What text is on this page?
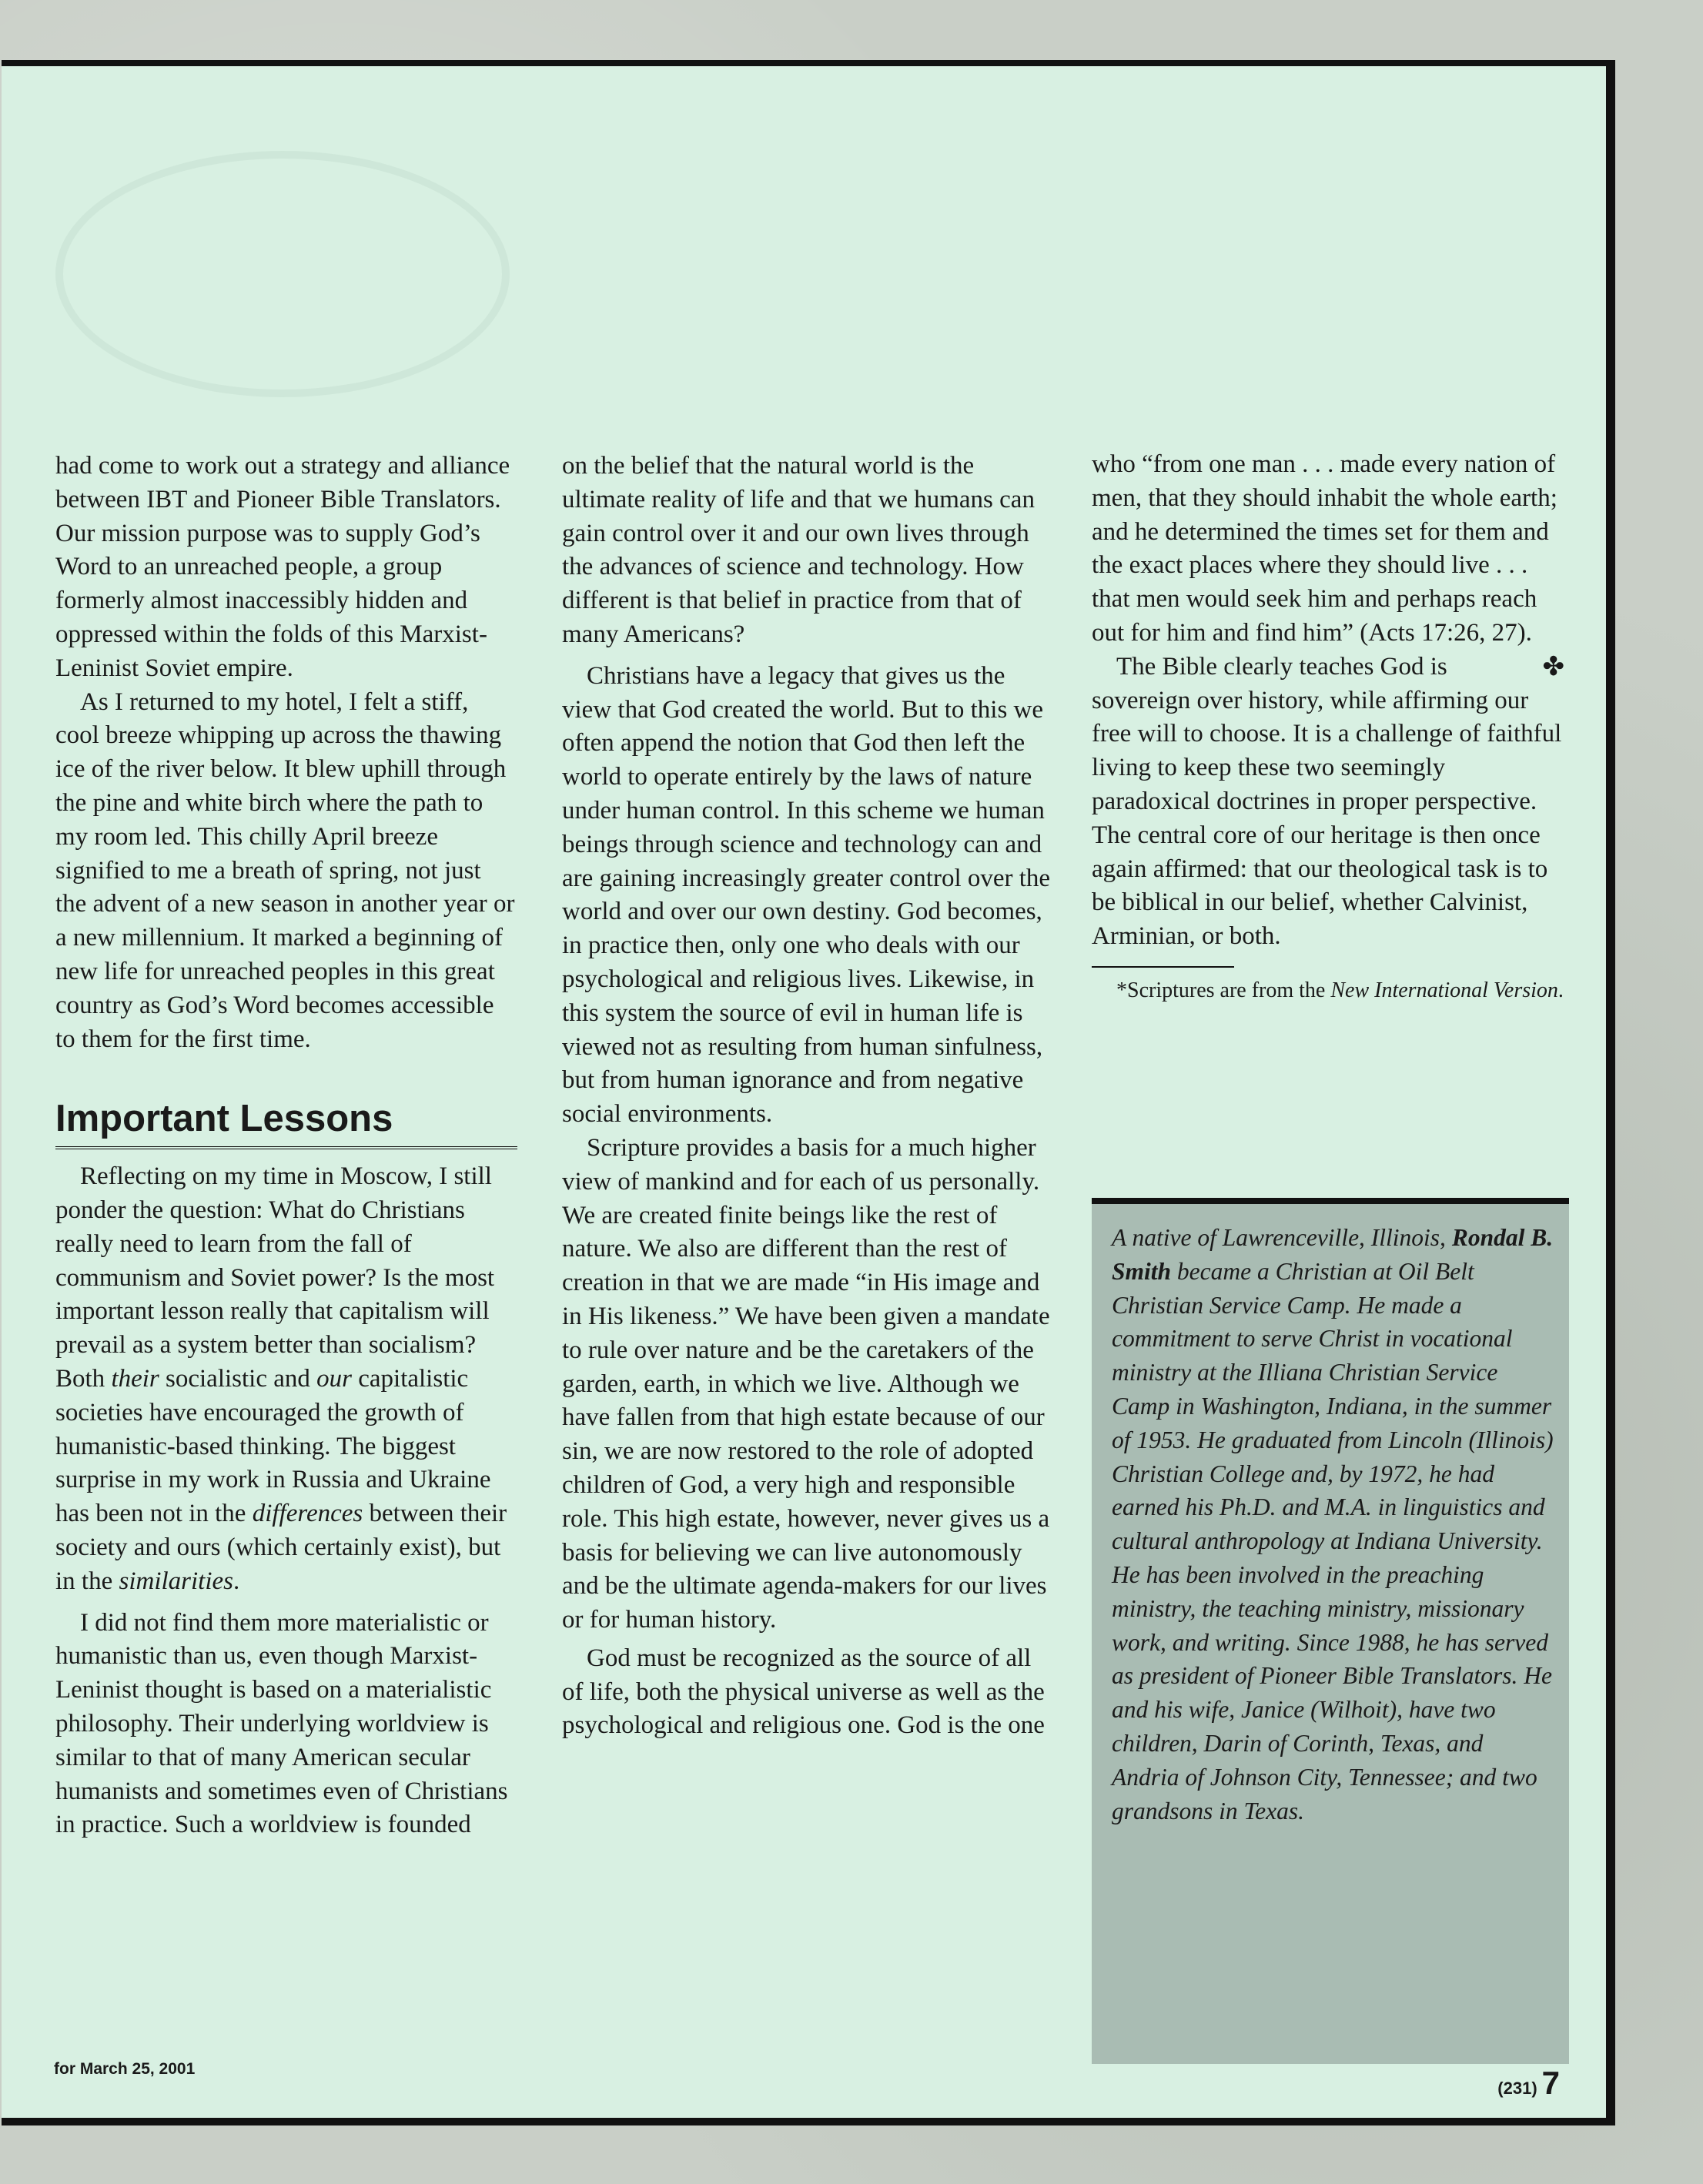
had come to work out a strategy and alliance between IBT and Pioneer Bible Translators. Our mission purpose was to supply God’s Word to an unreached people, a group formerly almost inaccessibly hidden and oppressed within the folds of this Marxist-Leninist Soviet empire.

As I returned to my hotel, I felt a stiff, cool breeze whipping up across the thawing ice of the river below. It blew uphill through the pine and white birch where the path to my room led. This chilly April breeze signified to me a breath of spring, not just the advent of a new season in another year or a new millennium. It marked a beginning of new life for unreached peoples in this great country as God’s Word becomes accessible to them for the first time.

Important Lessons

Reflecting on my time in Moscow, I still ponder the question: What do Christians really need to learn from the fall of communism and Soviet power? Is the most important lesson really that capitalism will prevail as a system better than socialism? Both their socialistic and our capitalistic societies have encouraged the growth of humanistic-based thinking. The biggest surprise in my work in Russia and Ukraine has been not in the differences between their society and ours (which certainly exist), but in the similarities.

I did not find them more materialistic or humanistic than us, even though Marxist-Leninist thought is based on a materialistic philosophy. Their underlying worldview is similar to that of many American secular humanists and sometimes even of Christians in practice. Such a worldview is founded

on the belief that the natural world is the ultimate reality of life and that we humans can gain control over it and our own lives through the advances of science and technology. How different is that belief in practice from that of many Americans?

Christians have a legacy that gives us the view that God created the world. But to this we often append the notion that God then left the world to operate entirely by the laws of nature under human control. In this scheme we human beings through science and technology can and are gaining increasingly greater control over the world and over our own destiny. God becomes, in practice then, only one who deals with our psychological and religious lives. Likewise, in this system the source of evil in human life is viewed not as resulting from human sinfulness, but from human ignorance and from negative social environments.

Scripture provides a basis for a much higher view of mankind and for each of us personally. We are created finite beings like the rest of nature. We also are different than the rest of creation in that we are made “in His image and in His likeness.” We have been given a mandate to rule over nature and be the caretakers of the garden, earth, in which we live. Although we have fallen from that high estate because of our sin, we are now restored to the role of adopted children of God, a very high and responsible role. This high estate, however, never gives us a basis for believing we can live autonomously and be the ultimate agenda-makers for our lives or for human history.

God must be recognized as the source of all of life, both the physical universe as well as the psychological and religious one. God is the one

who “from one man . . . made every nation of men, that they should inhabit the whole earth; and he determined the times set for them and the exact places where they should live . . . that men would seek him and perhaps reach out for him and find him” (Acts 17:26, 27).

✤
The Bible clearly teaches God is sovereign over history, while affirming our free will to choose. It is a challenge of faithful living to keep these two seemingly paradoxical doctrines in proper perspective. The central core of our heritage is then once again affirmed: that our theological task is to be biblical in our belief, whether Calvinist, Arminian, or both.

*Scriptures are from the New International Version.

A native of Lawrenceville, Illinois, Rondal B. Smith became a Christian at Oil Belt Christian Service Camp. He made a commitment to serve Christ in vocational ministry at the Illiana Christian Service Camp in Washington, Indiana, in the summer of 1953. He graduated from Lincoln (Illinois) Christian College and, by 1972, he had earned his Ph.D. and M.A. in linguistics and cultural anthropology at Indiana University. He has been involved in the preaching ministry, the teaching ministry, missionary work, and writing. Since 1988, he has served as president of Pioneer Bible Translators. He and his wife, Janice (Wilhoit), have two children, Darin of Corinth, Texas, and Andria of Johnson City, Tennessee; and two grandsons in Texas.
for March 25, 2001
(231) 7
